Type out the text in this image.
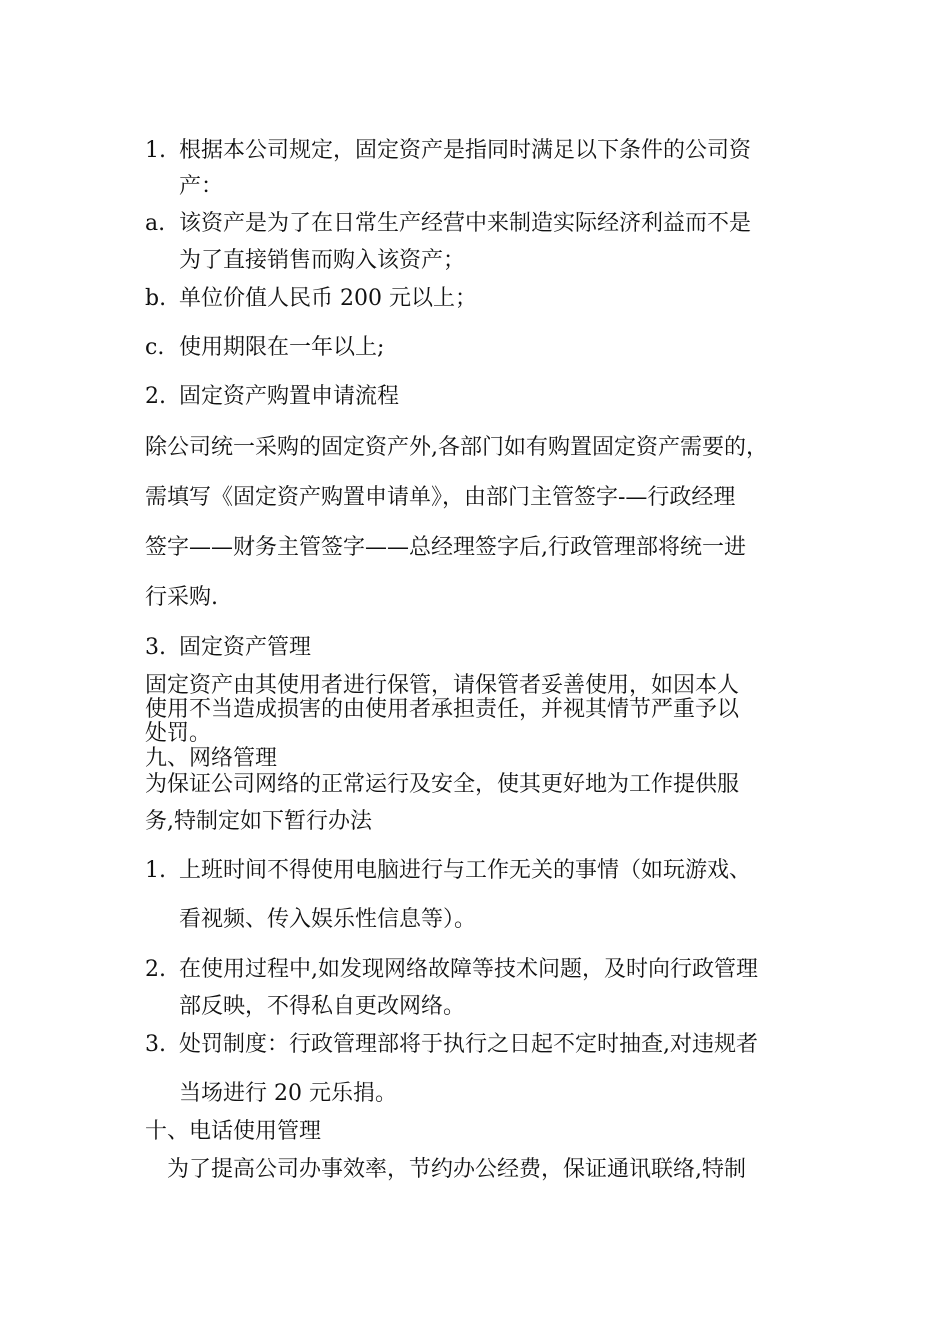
1. 根据本公司规定，固定资产是指同时满足以下条件的公司资
产：
a. 该资产是为了在日常生产经营中来制造实际经济利益而不是
为了直接销售而购入该资产；
b. 单位价值人民币 200 元以上；
c. 使用期限在一年以上;
2. 固定资产购置申请流程
除公司统一采购的固定资产外,各部门如有购置固定资产需要的，
需填写《固定资产购置申请单》，由部门主管签字-—行政经理
签字——财务主管签字——总经理签字后,行政管理部将统一进
行采购.
3. 固定资产管理
固定资产由其使用者进行保管，请保管者妥善使用，如因本人
使用不当造成损害的由使用者承担责任，并视其情节严重予以
处罚。
九、网络管理
为保证公司网络的正常运行及安全，使其更好地为工作提供服
务,特制定如下暂行办法
1. 上班时间不得使用电脑进行与工作无关的事情（如玩游戏、
看视频、传入娱乐性信息等）。
2. 在使用过程中,如发现网络故障等技术问题，及时向行政管理
部反映，不得私自更改网络。
3. 处罚制度：行政管理部将于执行之日起不定时抽查,对违规者
当场进行 20 元乐捐。
十、电话使用管理
为了提高公司办事效率，节约办公经费，保证通讯联络,特制
